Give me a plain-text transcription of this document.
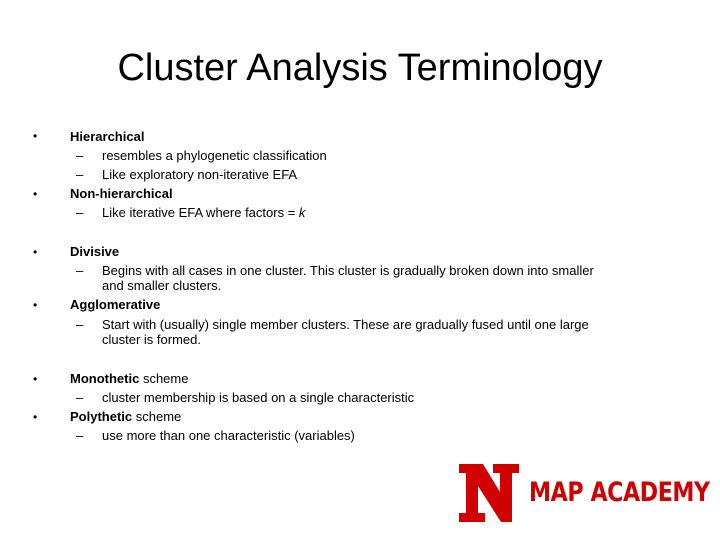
Cluster Analysis Terminology
•
•
•
•
•
•
Hierarchical
– resembles a phylogenetic classification
– Like exploratory non-iterative EFA
Non-hierarchical
– Like iterative EFA where factors = k
Divisive
– Begins with all cases in one cluster. This cluster is gradually broken down into smaller
and smaller clusters.
Agglomerative
– Start with (usually) single member clusters. These are gradually fused until one large
cluster is formed.
Monothetic scheme
– cluster membership is based on a single characteristic
Polythetic scheme
– use more than one characteristic (variables)
MAP ACADEMY
